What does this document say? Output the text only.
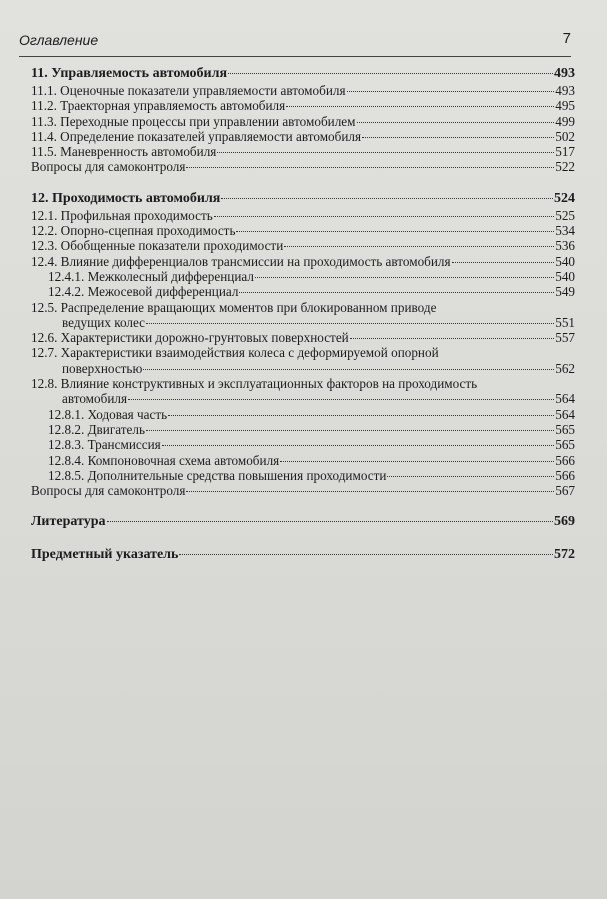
Оглавление	7
11. Управляемость автомобиля	493
11.1. Оценочные показатели управляемости автомобиля	493
11.2. Траекторная управляемость автомобиля	495
11.3. Переходные процессы при управлении автомобилем	499
11.4. Определение показателей управляемости автомобиля	502
11.5. Маневренность автомобиля	517
Вопросы для самоконтроля	522
12. Проходимость автомобиля	524
12.1. Профильная проходимость	525
12.2. Опорно-сцепная проходимость	534
12.3. Обобщенные показатели проходимости	536
12.4. Влияние дифференциалов трансмиссии на проходимость автомобиля	540
12.4.1. Межколесный дифференциал	540
12.4.2. Межосевой дифференциал	549
12.5. Распределение вращающих моментов при блокированном приводе
ведущих колес	551
12.6. Характеристики дорожно-грунтовых поверхностей	557
12.7. Характеристики взаимодействия колеса с деформируемой опорной
поверхностью	562
12.8. Влияние конструктивных и эксплуатационных факторов на проходимость
автомобиля	564
12.8.1. Ходовая часть	564
12.8.2. Двигатель	565
12.8.3. Трансмиссия	565
12.8.4. Компоновочная схема автомобиля	566
12.8.5. Дополнительные средства повышения проходимости	566
Вопросы для самоконтроля	567
Литература	569
Предметный указатель	572
